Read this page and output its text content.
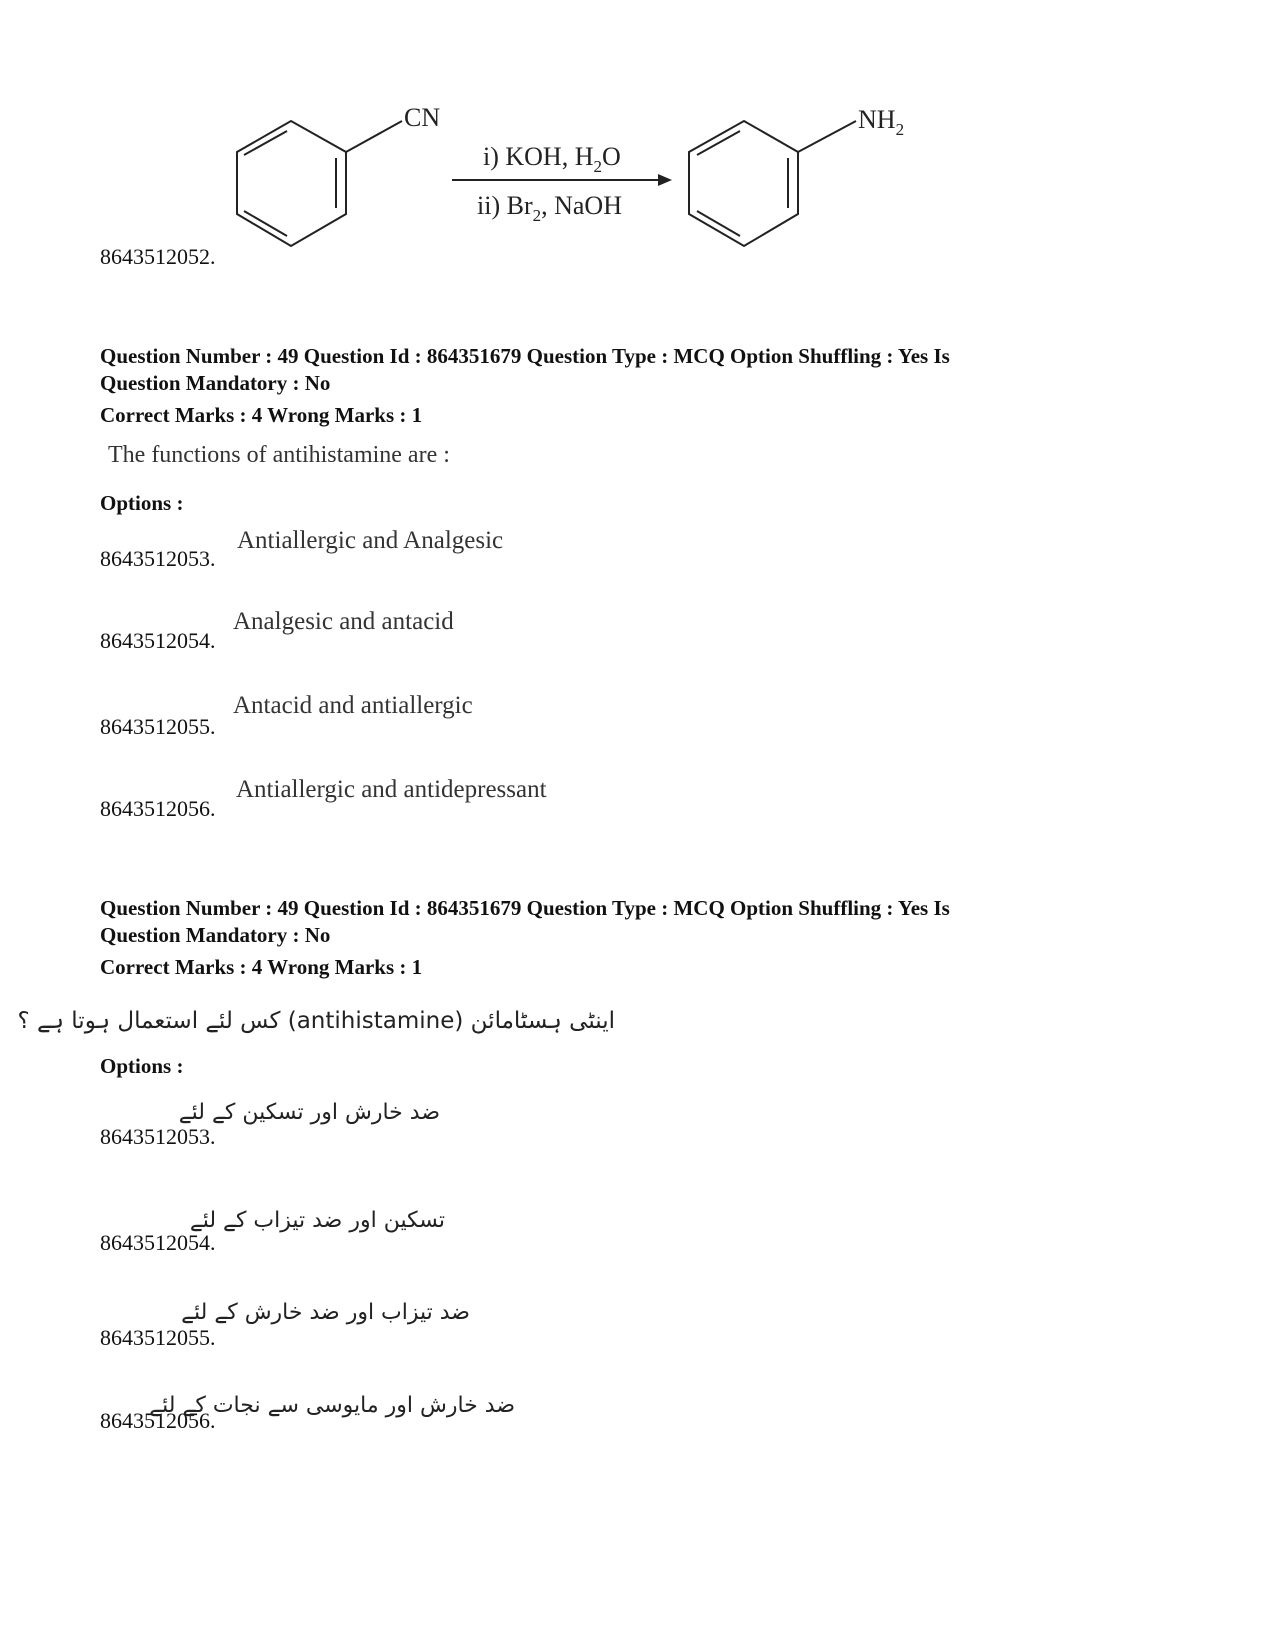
CN
i) KOH, $H_2O$
ii) $Br_2$, NaOH
$NH_2$
8643512052.
Question Number : 49 Question Id : 864351679 Question Type : MCQ Option Shuffling : Yes Is
Question Mandatory : No
Correct Marks : 4 Wrong Marks : 1
The functions of antihistamine are :
Options :
8643512053.
Antiallergic and Analgesic
8643512054.
Analgesic and antacid
8643512055.
Antacid and antiallergic
8643512056.
Antiallergic and antidepressant
Question Number : 49 Question Id : 864351679 Question Type : MCQ Option Shuffling : Yes Is
Question Mandatory : No
Correct Marks : 4 Wrong Marks : 1
اینٹی ہسٹامائن (antihistamine) کس لئے استعمال ہوتا ہے ؟
Options :
8643512053.
ضد خارش اور تسکین کے لئے
8643512054.
تسکین اور ضد تیزاب کے لئے
8643512055.
ضد تیزاب اور ضد خارش کے لئے
8643512056.
ضد خارش اور مایوسی سے نجات کے لئے
